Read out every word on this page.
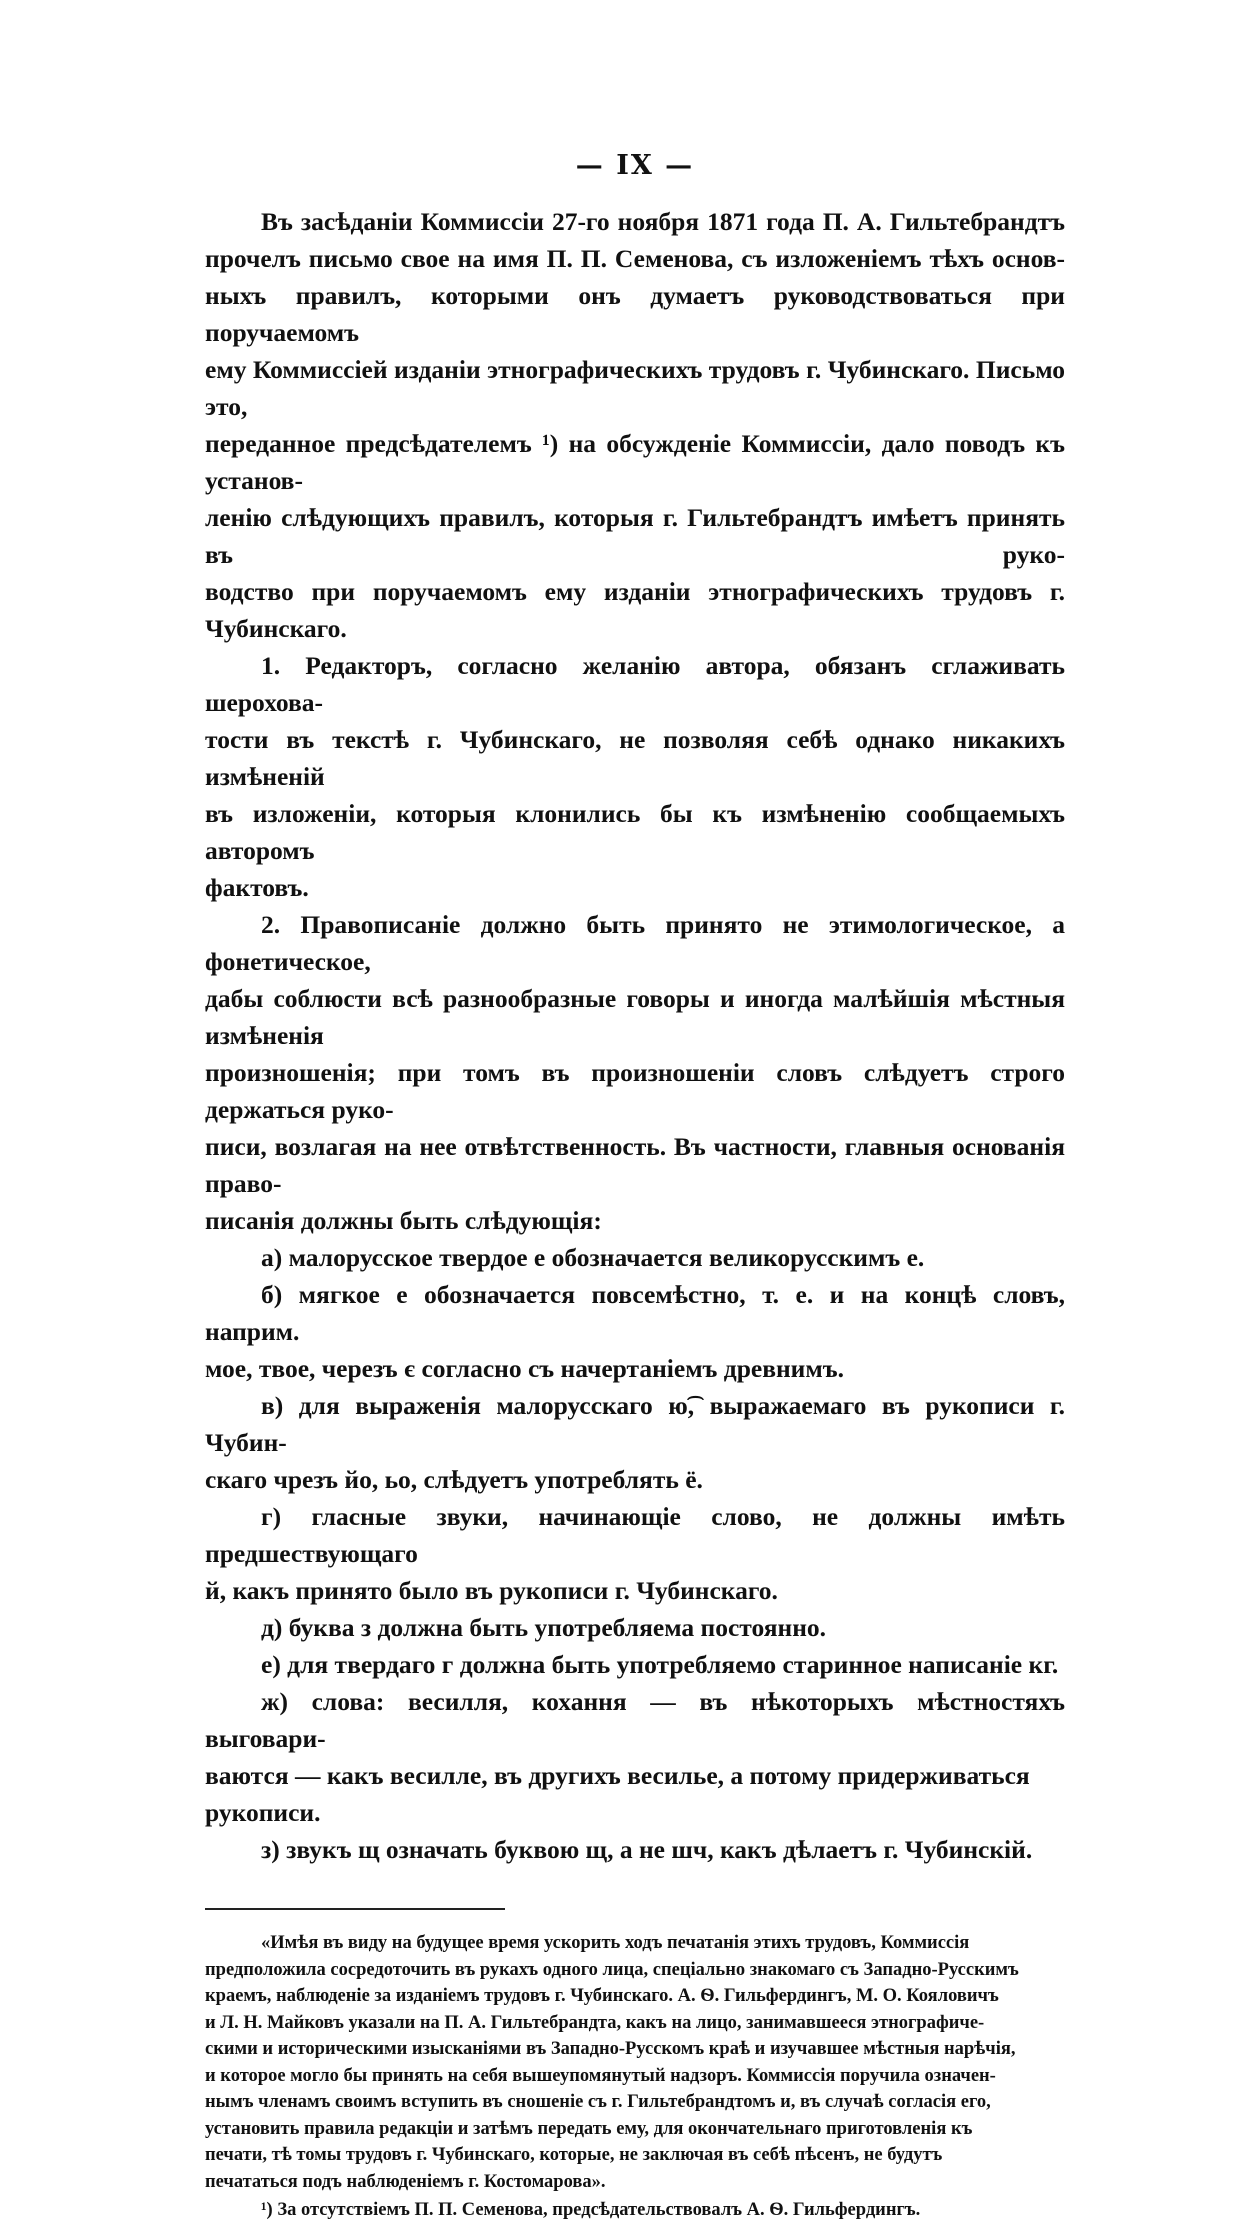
— IX —

Въ засѣданіи Коммиссіи 27-го ноября 1871 года П. А. Гильтебрандтъ
прочелъ письмо свое на имя П. П. Семенова, съ изложеніемъ тѣхъ основ-
ныхъ правилъ, которыми онъ думаетъ руководствоваться при поручаемомъ
ему Коммиссіей изданіи этнографическихъ трудовъ г. Чубинскаго. Письмо это,
переданное предсѣдателемъ ¹) на обсужденіе Коммиссіи, дало поводъ къ установ-
ленію слѣдующихъ правилъ, которыя г. Гильтебрандтъ имѣетъ принять въ руко-
водство при поручаемомъ ему изданіи этнографическихъ трудовъ г. Чубинскаго.

1. Редакторъ, согласно желанію автора, обязанъ сглаживать шерохова-
тости въ текстѣ г. Чубинскаго, не позволяя себѣ однако никакихъ измѣненій
въ изложеніи, которыя клонились бы къ измѣненію сообщаемыхъ авторомъ
фактовъ.

2. Правописаніе должно быть принято не этимологическое, а фонетическое,
дабы соблюсти всѣ разнообразные говоры и иногда малѣйшія мѣстныя измѣненія
произношенія; при томъ въ произношеніи словъ слѣдуетъ строго держаться руко-
писи, возлагая на нее отвѣтственность. Въ частности, главныя основанія право-
писанія должны быть слѣдующія:

а) малорусское твердое е обозначается великорусскимъ е.

б) мягкое е обозначается повсемѣстно, т. е. и на концѣ словъ, наприм.
мое, твое, черезъ є согласно съ начертаніемъ древнимъ.

в) для выраженія малорусскаго ю͡, выражаемаго въ рукописи г. Чубин-
скаго чрезъ йо, ьо, слѣдуетъ употреблять ё.

г) гласные звуки, начинающіе слово, не должны имѣть предшествующаго
й, какъ принято было въ рукописи г. Чубинскаго.

д) буква з должна быть употребляема постоянно.

е) для твердаго г должна быть употребляемо старинное написаніе кг.

ж) слова: весилля, кохання — въ нѣкоторыхъ мѣстностяхъ выговари-
ваются — какъ весилле, въ другихъ весилье, а потому придерживаться
рукописи.

з) звукъ щ означать буквою щ, а не шч, какъ дѣлаетъ г. Чубинскій.

«Имѣя въ виду на будущее время ускорить ходъ печатанія этихъ трудовъ, Коммиссія
предположила сосредоточить въ рукахъ одного лица, спеціально знакомаго съ Западно-Русскимъ
краемъ, наблюденіе за изданіемъ трудовъ г. Чубинскаго. А. Ѳ. Гильфердингъ, М. О. Кояловичъ
и Л. Н. Майковъ указали на П. А. Гильтебрандта, какъ на лицо, занимавшееся этнографиче-
скими и историческими изысканіями въ Западно-Русскомъ краѣ и изучавшее мѣстныя нарѣчія,
и которое могло бы принять на себя вышеупомянутый надзоръ. Коммиссія поручила означен-
нымъ членамъ своимъ вступить въ сношеніе съ г. Гильтебрандтомъ и, въ случаѣ согласія его,
установить правила редакціи и затѣмъ передать ему, для окончательнаго приготовленія къ
печати, тѣ томы трудовъ г. Чубинскаго, которые, не заключая въ себѣ пѣсенъ, не будутъ
печататься подъ наблюденіемъ г. Костомарова».

¹) За отсутствіемъ П. П. Семенова, предсѣдательствовалъ А. Ѳ. Гильфердингъ.
